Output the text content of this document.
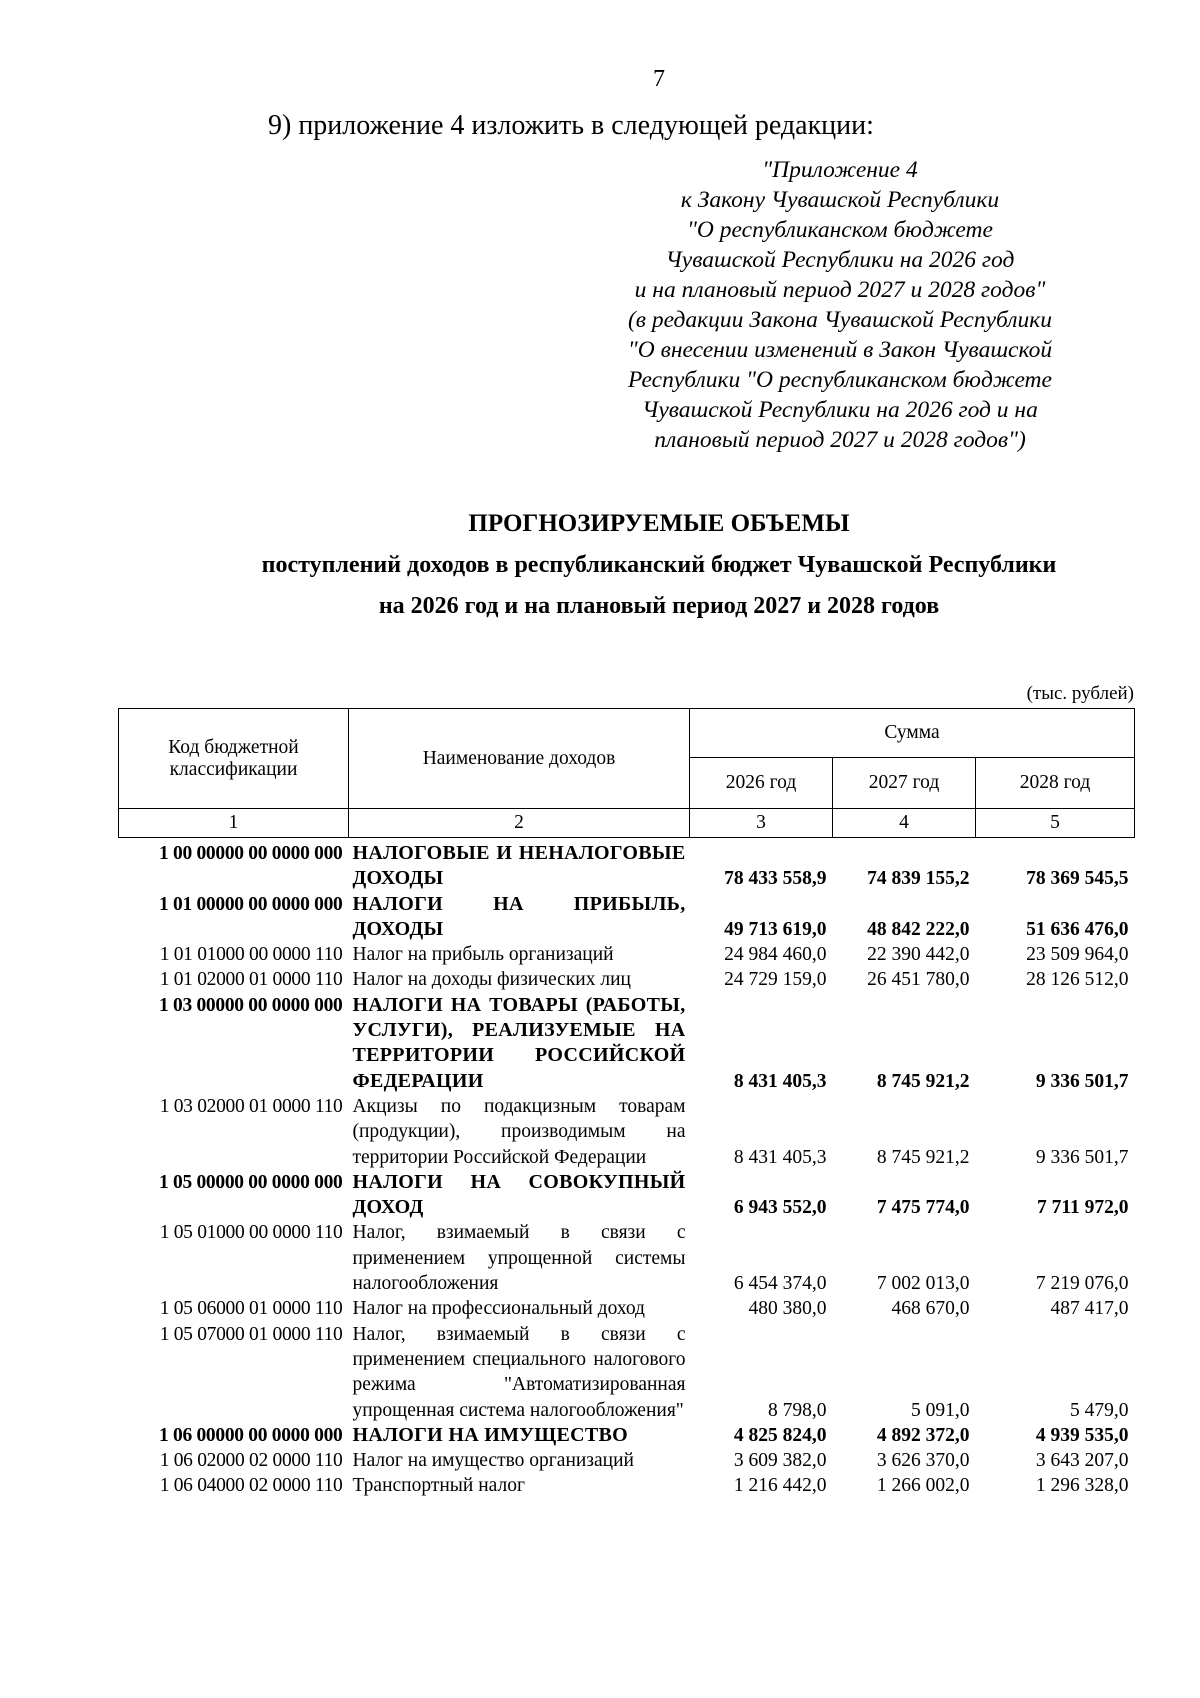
7
9) приложение 4 изложить в следующей редакции:
"Приложение 4
к Закону Чувашской Республики
"О республиканском бюджете
Чувашской Республики на 2026 год
и на плановый период 2027 и 2028 годов"
(в редакции Закона Чувашской Республики
"О внесении изменений в Закон Чувашской
Республики "О республиканском бюджете
Чувашской Республики на 2026 год и на
плановый период 2027 и 2028 годов")
ПРОГНОЗИРУЕМЫЕ ОБЪЕМЫ
поступлений доходов в республиканский бюджет Чувашской Республики
на 2026 год и на плановый период 2027 и 2028 годов
(тыс. рублей)
Код бюджетной классификации	Наименование доходов	Сумма		
		2026 год	2027 год	2028 год
1	2	3	4	5
1 00 00000 00 0000 000	НАЛОГОВЫЕ И НЕНАЛОГОВЫЕ ДОХОДЫ	78 433 558,9	74 839 155,2	78 369 545,5
1 01 00000 00 0000 000	НАЛОГИ НА ПРИБЫЛЬ, ДОХОДЫ	49 713 619,0	48 842 222,0	51 636 476,0
1 01 01000 00 0000 110	Налог на прибыль организаций	24 984 460,0	22 390 442,0	23 509 964,0
1 01 02000 01 0000 110	Налог на доходы физических лиц	24 729 159,0	26 451 780,0	28 126 512,0
1 03 00000 00 0000 000	НАЛОГИ НА ТОВАРЫ (РАБОТЫ, УСЛУГИ), РЕАЛИЗУЕМЫЕ НА ТЕРРИТОРИИ РОССИЙСКОЙ ФЕДЕРАЦИИ	8 431 405,3	8 745 921,2	9 336 501,7
1 03 02000 01 0000 110	Акцизы по подакцизным товарам (продукции), производимым на территории Российской Федерации	8 431 405,3	8 745 921,2	9 336 501,7
1 05 00000 00 0000 000	НАЛОГИ НА СОВОКУПНЫЙ ДОХОД	6 943 552,0	7 475 774,0	7 711 972,0
1 05 01000 00 0000 110	Налог, взимаемый в связи с применением упрощенной системы налогообложения	6 454 374,0	7 002 013,0	7 219 076,0
1 05 06000 01 0000 110	Налог на профессиональный доход	480 380,0	468 670,0	487 417,0
1 05 07000 01 0000 110	Налог, взимаемый в связи с применением специального налогового режима "Автоматизированная упрощенная система налогообложения"	8 798,0	5 091,0	5 479,0
1 06 00000 00 0000 000	НАЛОГИ НА ИМУЩЕСТВО	4 825 824,0	4 892 372,0	4 939 535,0
1 06 02000 02 0000 110	Налог на имущество организаций	3 609 382,0	3 626 370,0	3 643 207,0
1 06 04000 02 0000 110	Транспортный налог	1 216 442,0	1 266 002,0	1 296 328,0
